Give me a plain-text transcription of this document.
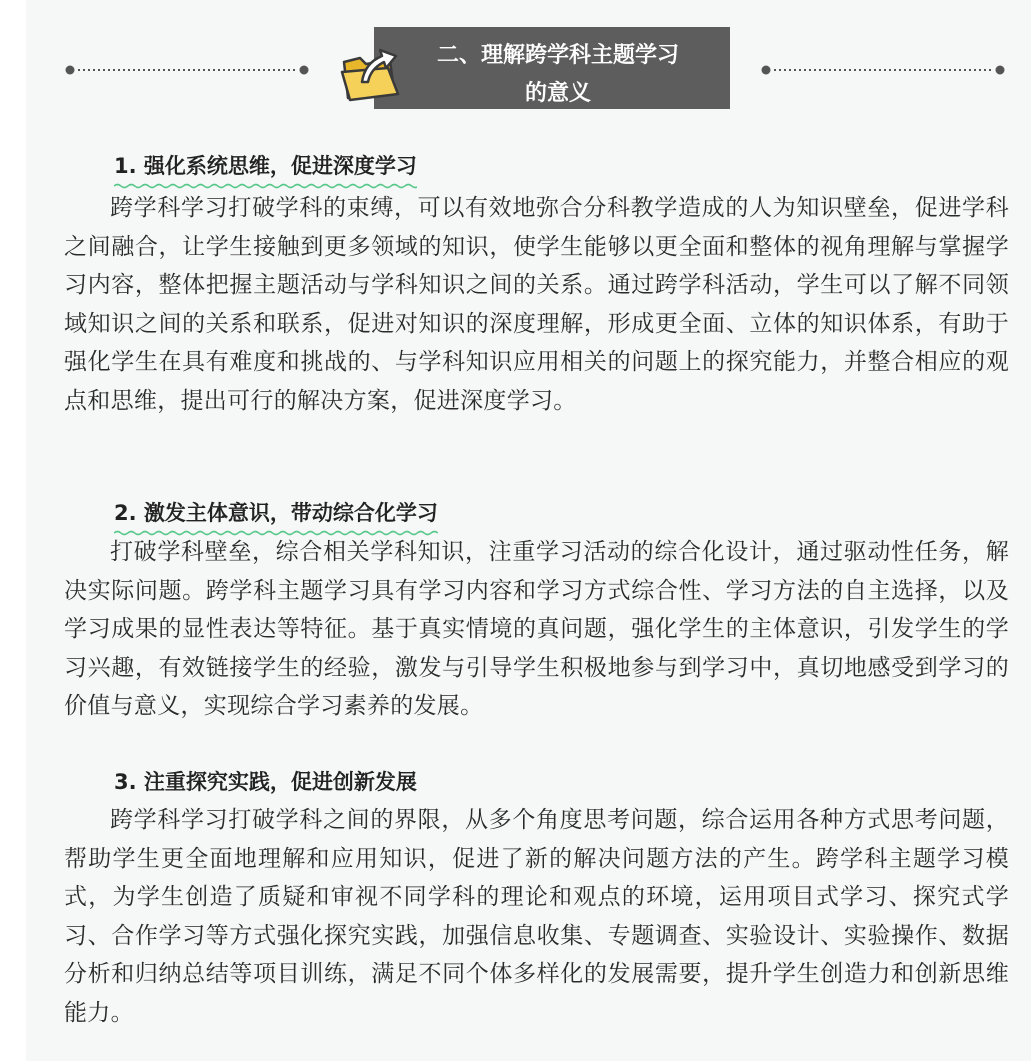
二、理解跨学科主题学习
的意义
1. 强化系统思维，促进深度学习
跨学科学习打破学科的束缚，可以有效地弥合分科教学造成的人为知识壁垒，促进学科之间融合，让学生接触到更多领域的知识，使学生能够以更全面和整体的视角理解与掌握学习内容，整体把握主题活动与学科知识之间的关系。通过跨学科活动，学生可以了解不同领域知识之间的关系和联系，促进对知识的深度理解，形成更全面、立体的知识体系，有助于强化学生在具有难度和挑战的、与学科知识应用相关的问题上的探究能力，并整合相应的观点和思维，提出可行的解决方案，促进深度学习。
2. 激发主体意识，带动综合化学习
打破学科壁垒，综合相关学科知识，注重学习活动的综合化设计，通过驱动性任务，解决实际问题。跨学科主题学习具有学习内容和学习方式综合性、学习方法的自主选择，以及学习成果的显性表达等特征。基于真实情境的真问题，强化学生的主体意识，引发学生的学习兴趣，有效链接学生的经验，激发与引导学生积极地参与到学习中，真切地感受到学习的价值与意义，实现综合学习素养的发展。
3. 注重探究实践，促进创新发展
跨学科学习打破学科之间的界限，从多个角度思考问题，综合运用各种方式思考问题，帮助学生更全面地理解和应用知识，促进了新的解决问题方法的产生。跨学科主题学习模式，为学生创造了质疑和审视不同学科的理论和观点的环境，运用项目式学习、探究式学习、合作学习等方式强化探究实践，加强信息收集、专题调查、实验设计、实验操作、数据分析和归纳总结等项目训练，满足不同个体多样化的发展需要，提升学生创造力和创新思维能力。
